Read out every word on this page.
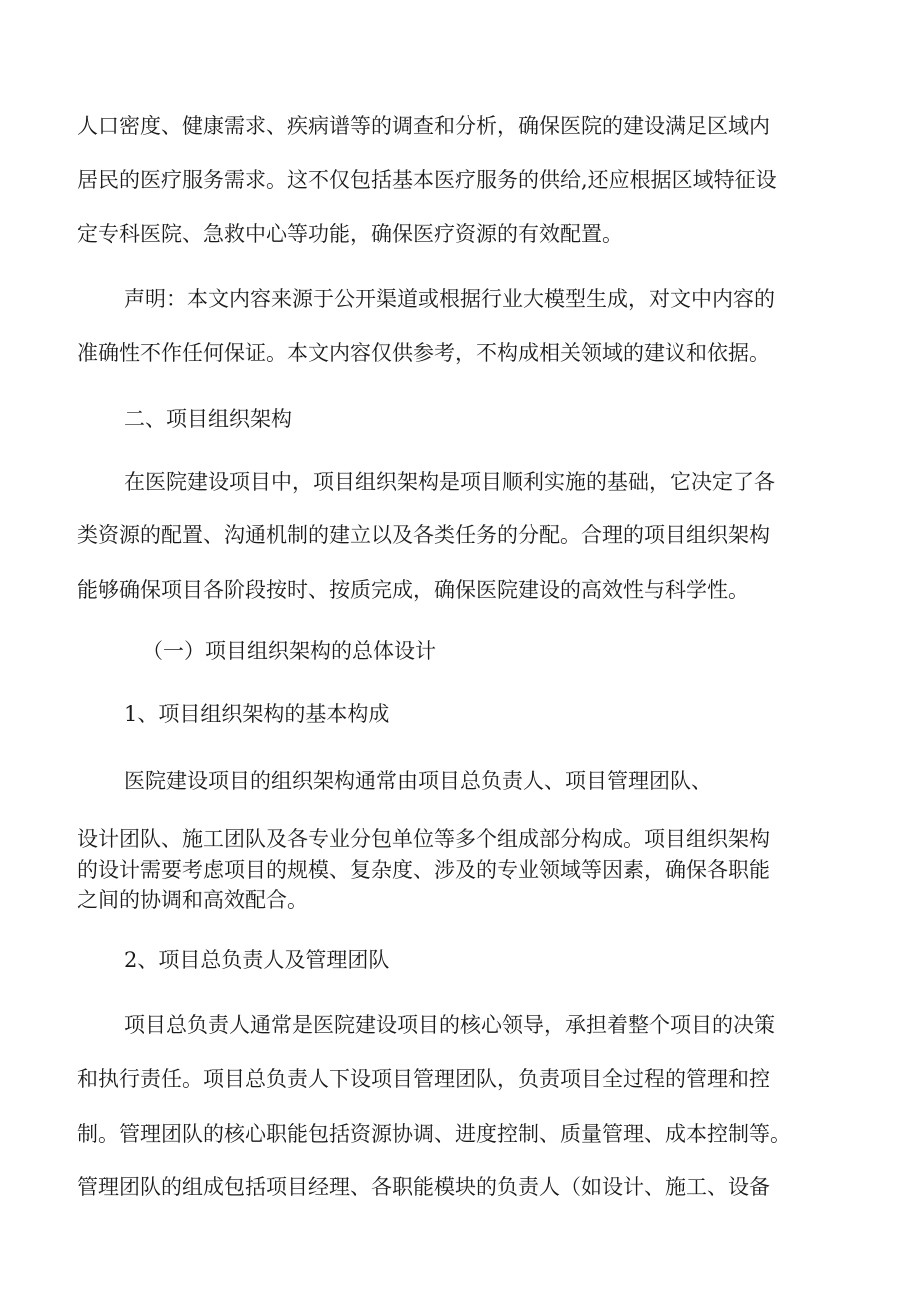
人口密度、健康需求、疾病谱等的调查和分析，确保医院的建设满足区域内
居民的医疗服务需求。这不仅包括基本医疗服务的供给,还应根据区域特征设
定专科医院、急救中心等功能，确保医疗资源的有效配置。
声明：本文内容来源于公开渠道或根据行业大模型生成，对文中内容的
准确性不作任何保证。本文内容仅供参考，不构成相关领域的建议和依据。
二、项目组织架构
在医院建设项目中，项目组织架构是项目顺利实施的基础，它决定了各
类资源的配置、沟通机制的建立以及各类任务的分配。合理的项目组织架构
能够确保项目各阶段按时、按质完成，确保医院建设的高效性与科学性。
（一）项目组织架构的总体设计
1、项目组织架构的基本构成
医院建设项目的组织架构通常由项目总负责人、项目管理团队、
设计团队、施工团队及各专业分包单位等多个组成部分构成。项目组织架构
的设计需要考虑项目的规模、复杂度、涉及的专业领域等因素，确保各职能
之间的协调和高效配合。
2、项目总负责人及管理团队
项目总负责人通常是医院建设项目的核心领导，承担着整个项目的决策
和执行责任。项目总负责人下设项目管理团队，负责项目全过程的管理和控
制。管理团队的核心职能包括资源协调、进度控制、质量管理、成本控制等。
管理团队的组成包括项目经理、各职能模块的负责人（如设计、施工、设备
